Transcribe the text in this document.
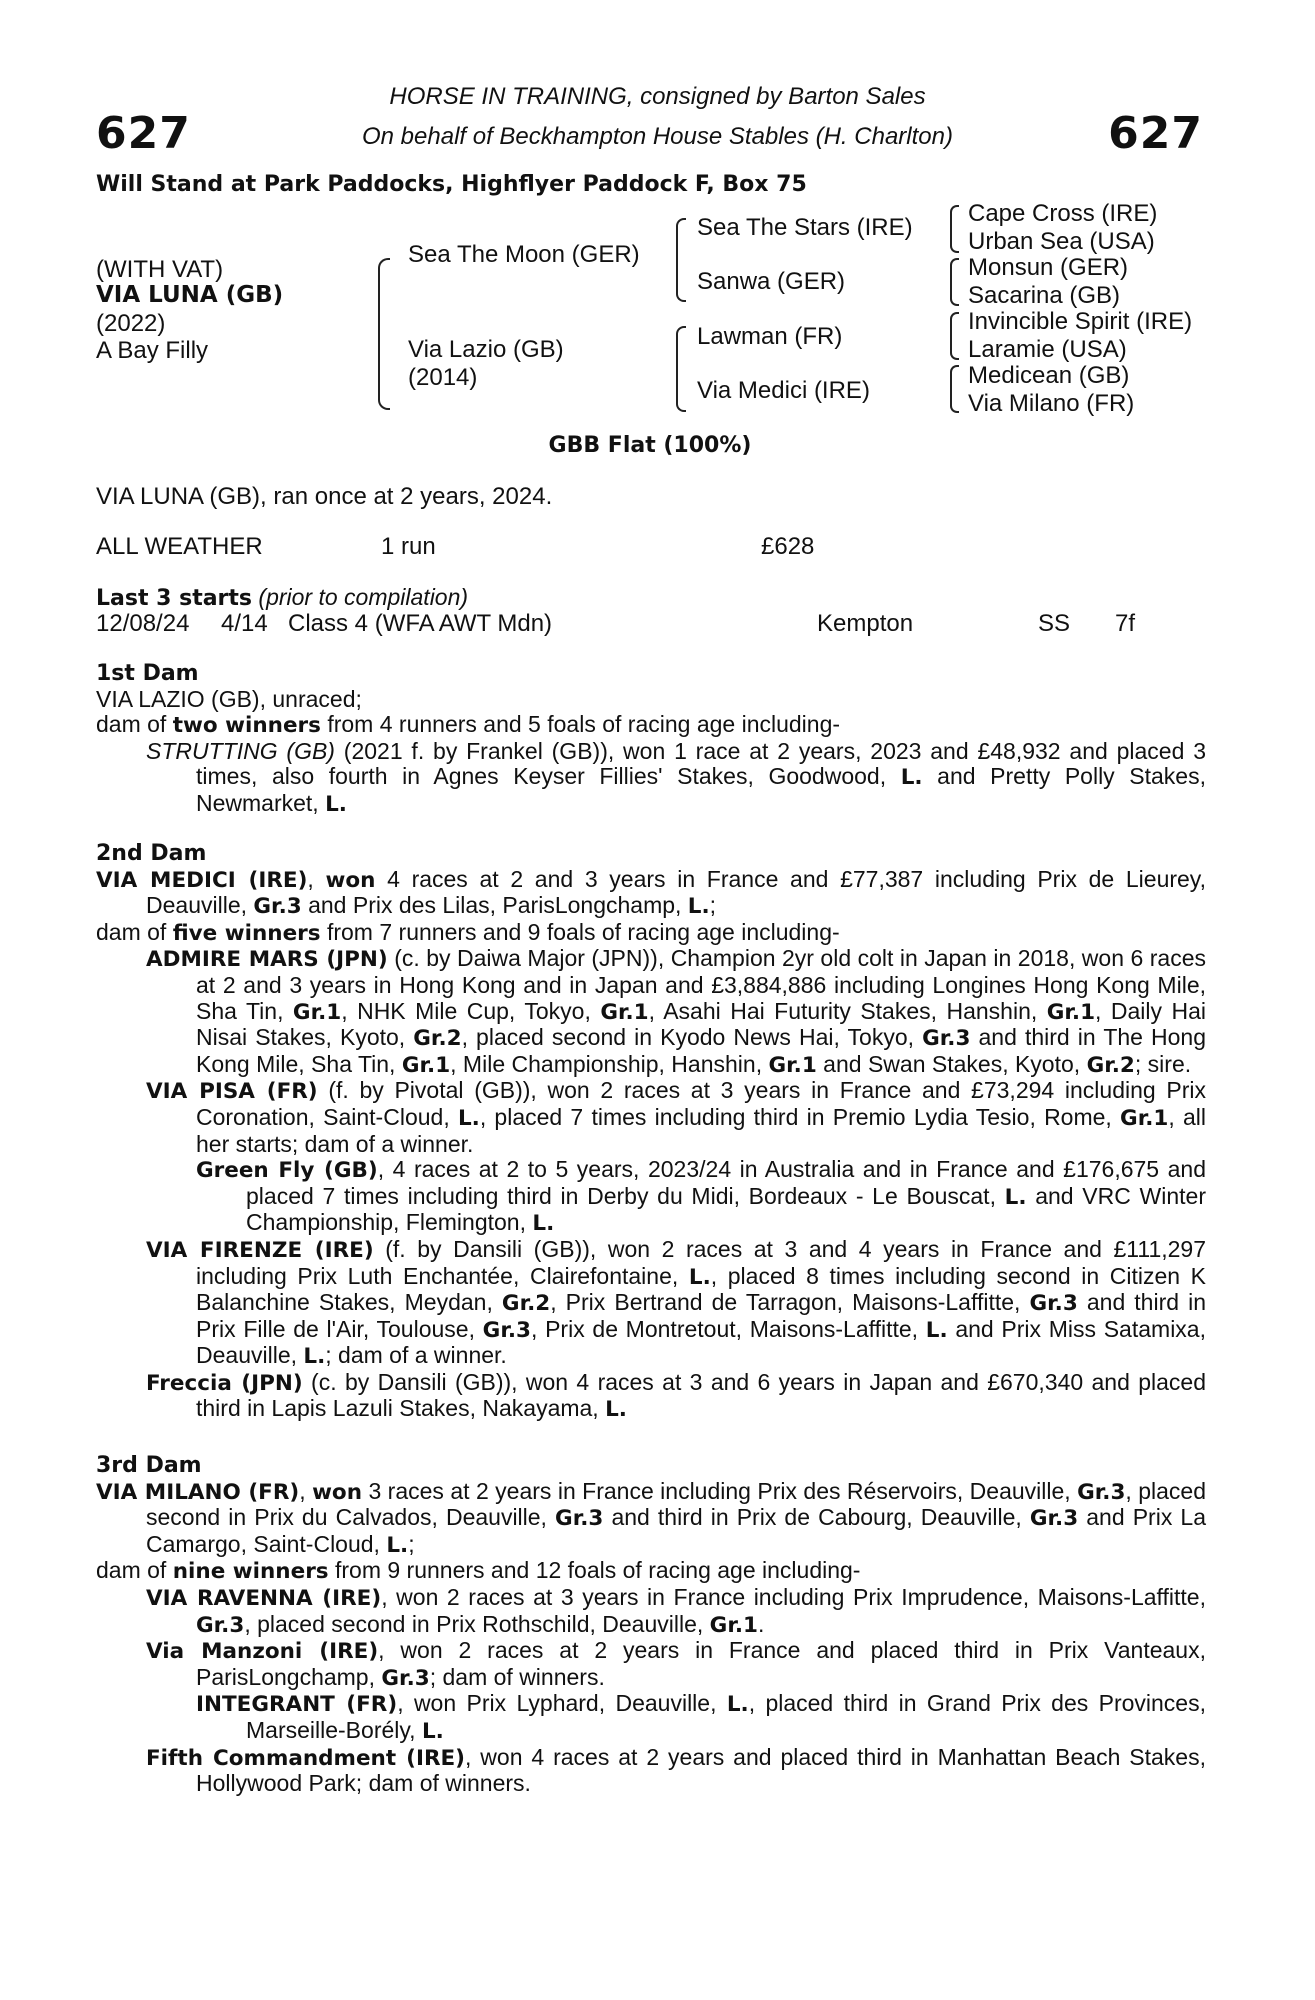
627	627
HORSE IN TRAINING, consigned by Barton Sales
On behalf of Beckhampton House Stables (H. Charlton)
Will Stand at Park Paddocks, Highflyer Paddock F, Box 75
(WITH VAT)
VIA LUNA (GB)
(2022)
A Bay Filly
Sea The Moon (GER)
Via Lazio (GB)
(2014)
Sea The Stars (IRE)
Sanwa (GER)
Lawman (FR)
Via Medici (IRE)
Cape Cross (IRE)
Urban Sea (USA)
Monsun (GER)
Sacarina (GB)
Invincible Spirit (IRE)
Laramie (USA)
Medicean (GB)
Via Milano (FR)
GBB Flat (100%)
VIA LUNA (GB), ran once at 2 years, 2024.
ALL WEATHER	1 run	£628
Last 3 starts (prior to compilation)
12/08/24 4/14 Class 4 (WFA AWT Mdn)	Kempton	SS 7f
1st Dam
VIA LAZIO (GB), unraced;
dam of two winners from 4 runners and 5 foals of racing age including-
STRUTTING (GB) (2021 f. by Frankel (GB)), won 1 race at 2 years, 2023 and £48,932 and placed 3 times, also fourth in Agnes Keyser Fillies' Stakes, Goodwood, L. and Pretty Polly Stakes, Newmarket, L.
2nd Dam
VIA MEDICI (IRE), won 4 races at 2 and 3 years in France and £77,387 including Prix de Lieurey, Deauville, Gr.3 and Prix des Lilas, ParisLongchamp, L.;
dam of five winners from 7 runners and 9 foals of racing age including-
ADMIRE MARS (JPN) (c. by Daiwa Major (JPN)), Champion 2yr old colt in Japan in 2018, won 6 races at 2 and 3 years in Hong Kong and in Japan and £3,884,886 including Longines Hong Kong Mile, Sha Tin, Gr.1, NHK Mile Cup, Tokyo, Gr.1, Asahi Hai Futurity Stakes, Hanshin, Gr.1, Daily Hai Nisai Stakes, Kyoto, Gr.2, placed second in Kyodo News Hai, Tokyo, Gr.3 and third in The Hong Kong Mile, Sha Tin, Gr.1, Mile Championship, Hanshin, Gr.1 and Swan Stakes, Kyoto, Gr.2; sire.
VIA PISA (FR) (f. by Pivotal (GB)), won 2 races at 3 years in France and £73,294 including Prix Coronation, Saint-Cloud, L., placed 7 times including third in Premio Lydia Tesio, Rome, Gr.1, all her starts; dam of a winner.
Green Fly (GB), 4 races at 2 to 5 years, 2023/24 in Australia and in France and £176,675 and placed 7 times including third in Derby du Midi, Bordeaux - Le Bouscat, L. and VRC Winter Championship, Flemington, L.
VIA FIRENZE (IRE) (f. by Dansili (GB)), won 2 races at 3 and 4 years in France and £111,297 including Prix Luth Enchantée, Clairefontaine, L., placed 8 times including second in Citizen K Balanchine Stakes, Meydan, Gr.2, Prix Bertrand de Tarragon, Maisons-Laffitte, Gr.3 and third in Prix Fille de l'Air, Toulouse, Gr.3, Prix de Montretout, Maisons-Laffitte, L. and Prix Miss Satamixa, Deauville, L.; dam of a winner.
Freccia (JPN) (c. by Dansili (GB)), won 4 races at 3 and 6 years in Japan and £670,340 and placed third in Lapis Lazuli Stakes, Nakayama, L.
3rd Dam
VIA MILANO (FR), won 3 races at 2 years in France including Prix des Réservoirs, Deauville, Gr.3, placed second in Prix du Calvados, Deauville, Gr.3 and third in Prix de Cabourg, Deauville, Gr.3 and Prix La Camargo, Saint-Cloud, L.;
dam of nine winners from 9 runners and 12 foals of racing age including-
VIA RAVENNA (IRE), won 2 races at 3 years in France including Prix Imprudence, Maisons-Laffitte, Gr.3, placed second in Prix Rothschild, Deauville, Gr.1.
Via Manzoni (IRE), won 2 races at 2 years in France and placed third in Prix Vanteaux, ParisLongchamp, Gr.3; dam of winners.
INTEGRANT (FR), won Prix Lyphard, Deauville, L., placed third in Grand Prix des Provinces, Marseille-Borély, L.
Fifth Commandment (IRE), won 4 races at 2 years and placed third in Manhattan Beach Stakes, Hollywood Park; dam of winners.
